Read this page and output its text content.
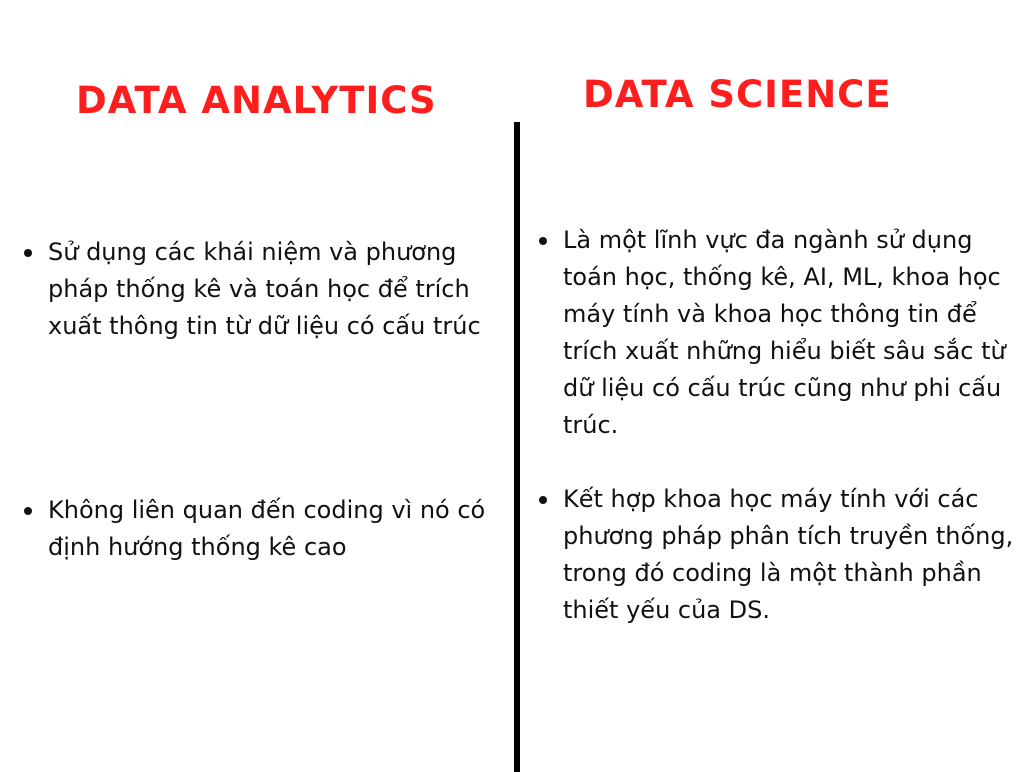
DATA ANALYTICS	DATA SCIENCE
Sử dụng các khái niệm và phương
pháp thống kê và toán học để trích
xuất thông tin từ dữ liệu có cấu trúc
Không liên quan đến coding vì nó có
định hướng thống kê cao
Là một lĩnh vực đa ngành sử dụng
toán học, thống kê, AI, ML, khoa học
máy tính và khoa học thông tin để
trích xuất những hiểu biết sâu sắc từ
dữ liệu có cấu trúc cũng như phi cấu
trúc.
Kết hợp khoa học máy tính với các
phương pháp phân tích truyền thống,
trong đó coding là một thành phần
thiết yếu của DS.
